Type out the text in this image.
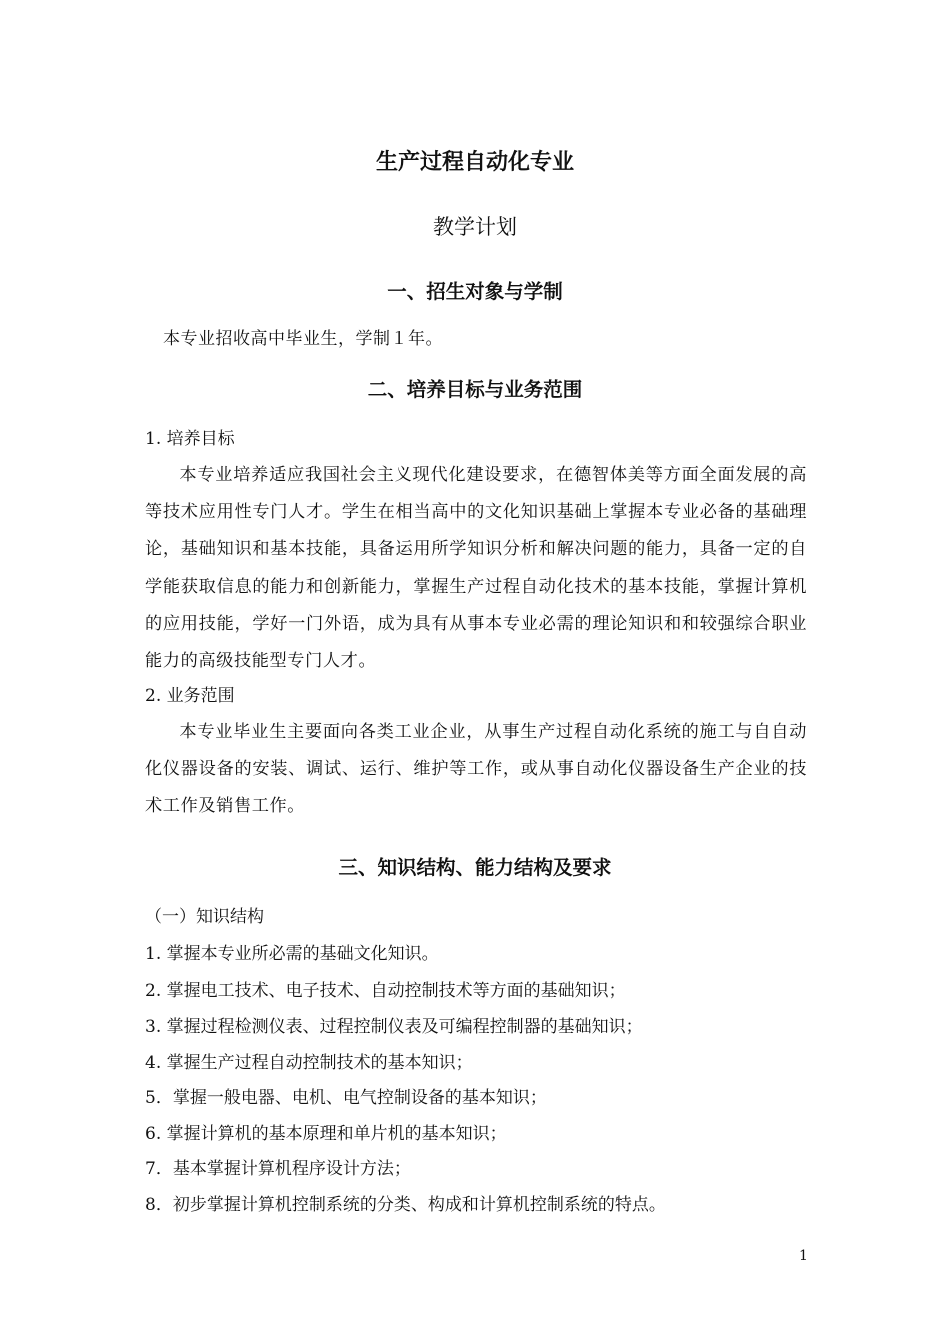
生产过程自动化专业
教学计划
一、招生对象与学制
本专业招收高中毕业生，学制１年。
二、培养目标与业务范围
1. 培养目标
本专业培养适应我国社会主义现代化建设要求，在德智体美等方面全面发展的高等技术应用性专门人才。学生在相当高中的文化知识基础上掌握本专业必备的基础理论，基础知识和基本技能，具备运用所学知识分析和解决问题的能力，具备一定的自学能获取信息的能力和创新能力，掌握生产过程自动化技术的基本技能，掌握计算机的应用技能，学好一门外语，成为具有从事本专业必需的理论知识和和较强综合职业能力的高级技能型专门人才。
2. 业务范围
本专业毕业生主要面向各类工业企业，从事生产过程自动化系统的施工与自自动化仪器设备的安装、调试、运行、维护等工作，或从事自动化仪器设备生产企业的技术工作及销售工作。
三、知识结构、能力结构及要求
（一）知识结构
1. 掌握本专业所必需的基础文化知识。
2. 掌握电工技术、电子技术、自动控制技术等方面的基础知识；
3. 掌握过程检测仪表、过程控制仪表及可编程控制器的基础知识；
4. 掌握生产过程自动控制技术的基本知识；
5．掌握一般电器、电机、电气控制设备的基本知识；
6. 掌握计算机的基本原理和单片机的基本知识；
7．基本掌握计算机程序设计方法；
8．初步掌握计算机控制系统的分类、构成和计算机控制系统的特点。
1
